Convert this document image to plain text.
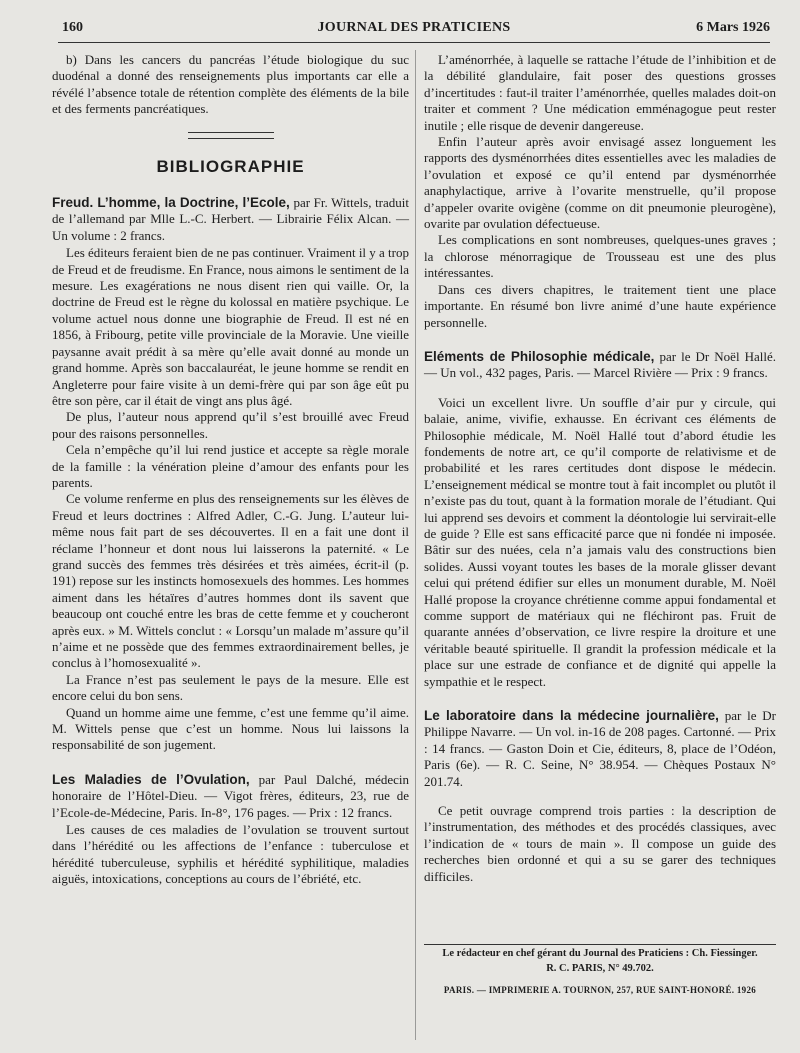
160	JOURNAL DES PRATICIENS	6 Mars 1926

b) Dans les cancers du pancréas l’étude biologique du suc duodénal a donné des renseignements plus importants car elle a révélé l’absence totale de rétention complète des éléments de la bile et des ferments pancréatiques.

BIBLIOGRAPHIE

Freud. L’homme, la Doctrine, l’Ecole, par Fr. Wittels, traduit de l’allemand par Mlle L.-C. Herbert. — Librairie Félix Alcan. — Un volume : 2 francs.

Les éditeurs feraient bien de ne pas continuer. Vraiment il y a trop de Freud et de freudisme. En France, nous aimons le sentiment de la mesure. Les exagérations ne nous disent rien qui vaille. Or, la doctrine de Freud est le règne du kolossal en matière psychique. Le volume actuel nous donne une biographie de Freud. Il est né en 1856, à Fribourg, petite ville provinciale de la Moravie. Une vieille paysanne avait prédit à sa mère qu’elle avait donné au monde un grand homme. Après son baccalauréat, le jeune homme se rendit en Angleterre pour faire visite à un demi-frère qui par son âge eût pu être son père, car il était de vingt ans plus âgé.

De plus, l’auteur nous apprend qu’il s’est brouillé avec Freud pour des raisons personnelles.

Cela n’empêche qu’il lui rend justice et accepte sa règle morale de la famille : la vénération pleine d’amour des enfants pour les parents.

Ce volume renferme en plus des renseignements sur les élèves de Freud et leurs doctrines : Alfred Adler, C.-G. Jung. L’auteur lui-même nous fait part de ses découvertes. Il en a fait une dont il réclame l’honneur et dont nous lui laisserons la paternité. « Le grand succès des femmes très désirées et très aimées, écrit-il (p. 191) repose sur les instincts homosexuels des hommes. Les hommes aiment dans les hétaïres d’autres hommes dont ils savent que beaucoup ont couché entre les bras de cette femme et y coucheront après eux. » M. Wittels conclut : « Lorsqu’un malade m’assure qu’il n’aime et ne possède que des femmes extraordinairement belles, je conclus à l’homosexualité ».

La France n’est pas seulement le pays de la mesure. Elle est encore celui du bon sens.

Quand un homme aime une femme, c’est une femme qu’il aime. M. Wittels pense que c’est un homme. Nous lui laissons la responsabilité de son jugement.

Les Maladies de l’Ovulation, par Paul Dalché, médecin honoraire de l’Hôtel-Dieu. — Vigot frères, éditeurs, 23, rue de l’Ecole-de-Médecine, Paris. In-8°, 176 pages. — Prix : 12 francs.

Les causes de ces maladies de l’ovulation se trouvent surtout dans l’hérédité ou les affections de l’enfance : tuberculose et hérédité tuberculeuse, syphilis et hérédité syphilitique, maladies aiguës, intoxications, conceptions au cours de l’ébriété, etc.

L’aménorrhée, à laquelle se rattache l’étude de l’inhibition et de la débilité glandulaire, fait poser des questions grosses d’incertitudes : faut-il traiter l’aménorrhée, quelles malades doit-on traiter et comment ? Une médication emménagogue peut rester inutile ; elle risque de devenir dangereuse.

Enfin l’auteur après avoir envisagé assez longuement les rapports des dysménorrhées dites essentielles avec les maladies de l’ovulation et exposé ce qu’il entend par dysménorrhée anaphylactique, arrive à l’ovarite menstruelle, qu’il propose d’appeler ovarite ovigène (comme on dit pneumonie pleurogène), ovarite par ovulation défectueuse.

Les complications en sont nombreuses, quelques-unes graves ; la chlorose ménorragique de Trousseau est une des plus intéressantes.

Dans ces divers chapitres, le traitement tient une place importante. En résumé bon livre animé d’une haute expérience personnelle.

Eléments de Philosophie médicale, par le Dr Noël Hallé. — Un vol., 432 pages, Paris. — Marcel Rivière — Prix : 9 francs.

Voici un excellent livre. Un souffle d’air pur y circule, qui balaie, anime, vivifie, exhausse. En écrivant ces éléments de Philosophie médicale, M. Noël Hallé tout d’abord étudie les fondements de notre art, ce qu’il comporte de relativisme et de probabilité et les rares certitudes dont dispose le médecin. L’enseignement médical se montre tout à fait incomplet ou plutôt il n’existe pas du tout, quant à la formation morale de l’étudiant. Qui lui apprend ses devoirs et comment la déontologie lui servirait-elle de guide ? Elle est sans efficacité parce que ni fondée ni imposée. Bâtir sur des nuées, cela n’a jamais valu des constructions bien solides. Aussi voyant toutes les bases de la morale glisser devant celui qui prétend édifier sur elles un monument durable, M. Noël Hallé propose la croyance chrétienne comme appui fondamental et comme support de matériaux qui ne fléchiront pas. Fruit de quarante années d’observation, ce livre respire la droiture et une véritable beauté spirituelle. Il grandit la profession médicale et la place sur une estrade de confiance et de dignité qui appelle la sympathie et le respect.

Le laboratoire dans la médecine journalière, par le Dr Philippe Navarre. — Un vol. in-16 de 208 pages. Cartonné. — Prix : 14 francs. — Gaston Doin et Cie, éditeurs, 8, place de l’Odéon, Paris (6e). — R. C. Seine, N° 38.954. — Chèques Postaux N° 201.74.

Ce petit ouvrage comprend trois parties : la description de l’instrumentation, des méthodes et des procédés classiques, avec l’indication de « tours de main ». Il compose un guide des recherches bien ordonné et qui a su se garer des techniques difficiles.

Le rédacteur en chef gérant du Journal des Praticiens : Ch. Fiessinger.
R. C. PARIS, N° 49.702.
PARIS. — IMPRIMERIE A. TOURNON, 257, RUE SAINT-HONORÉ. 1926
